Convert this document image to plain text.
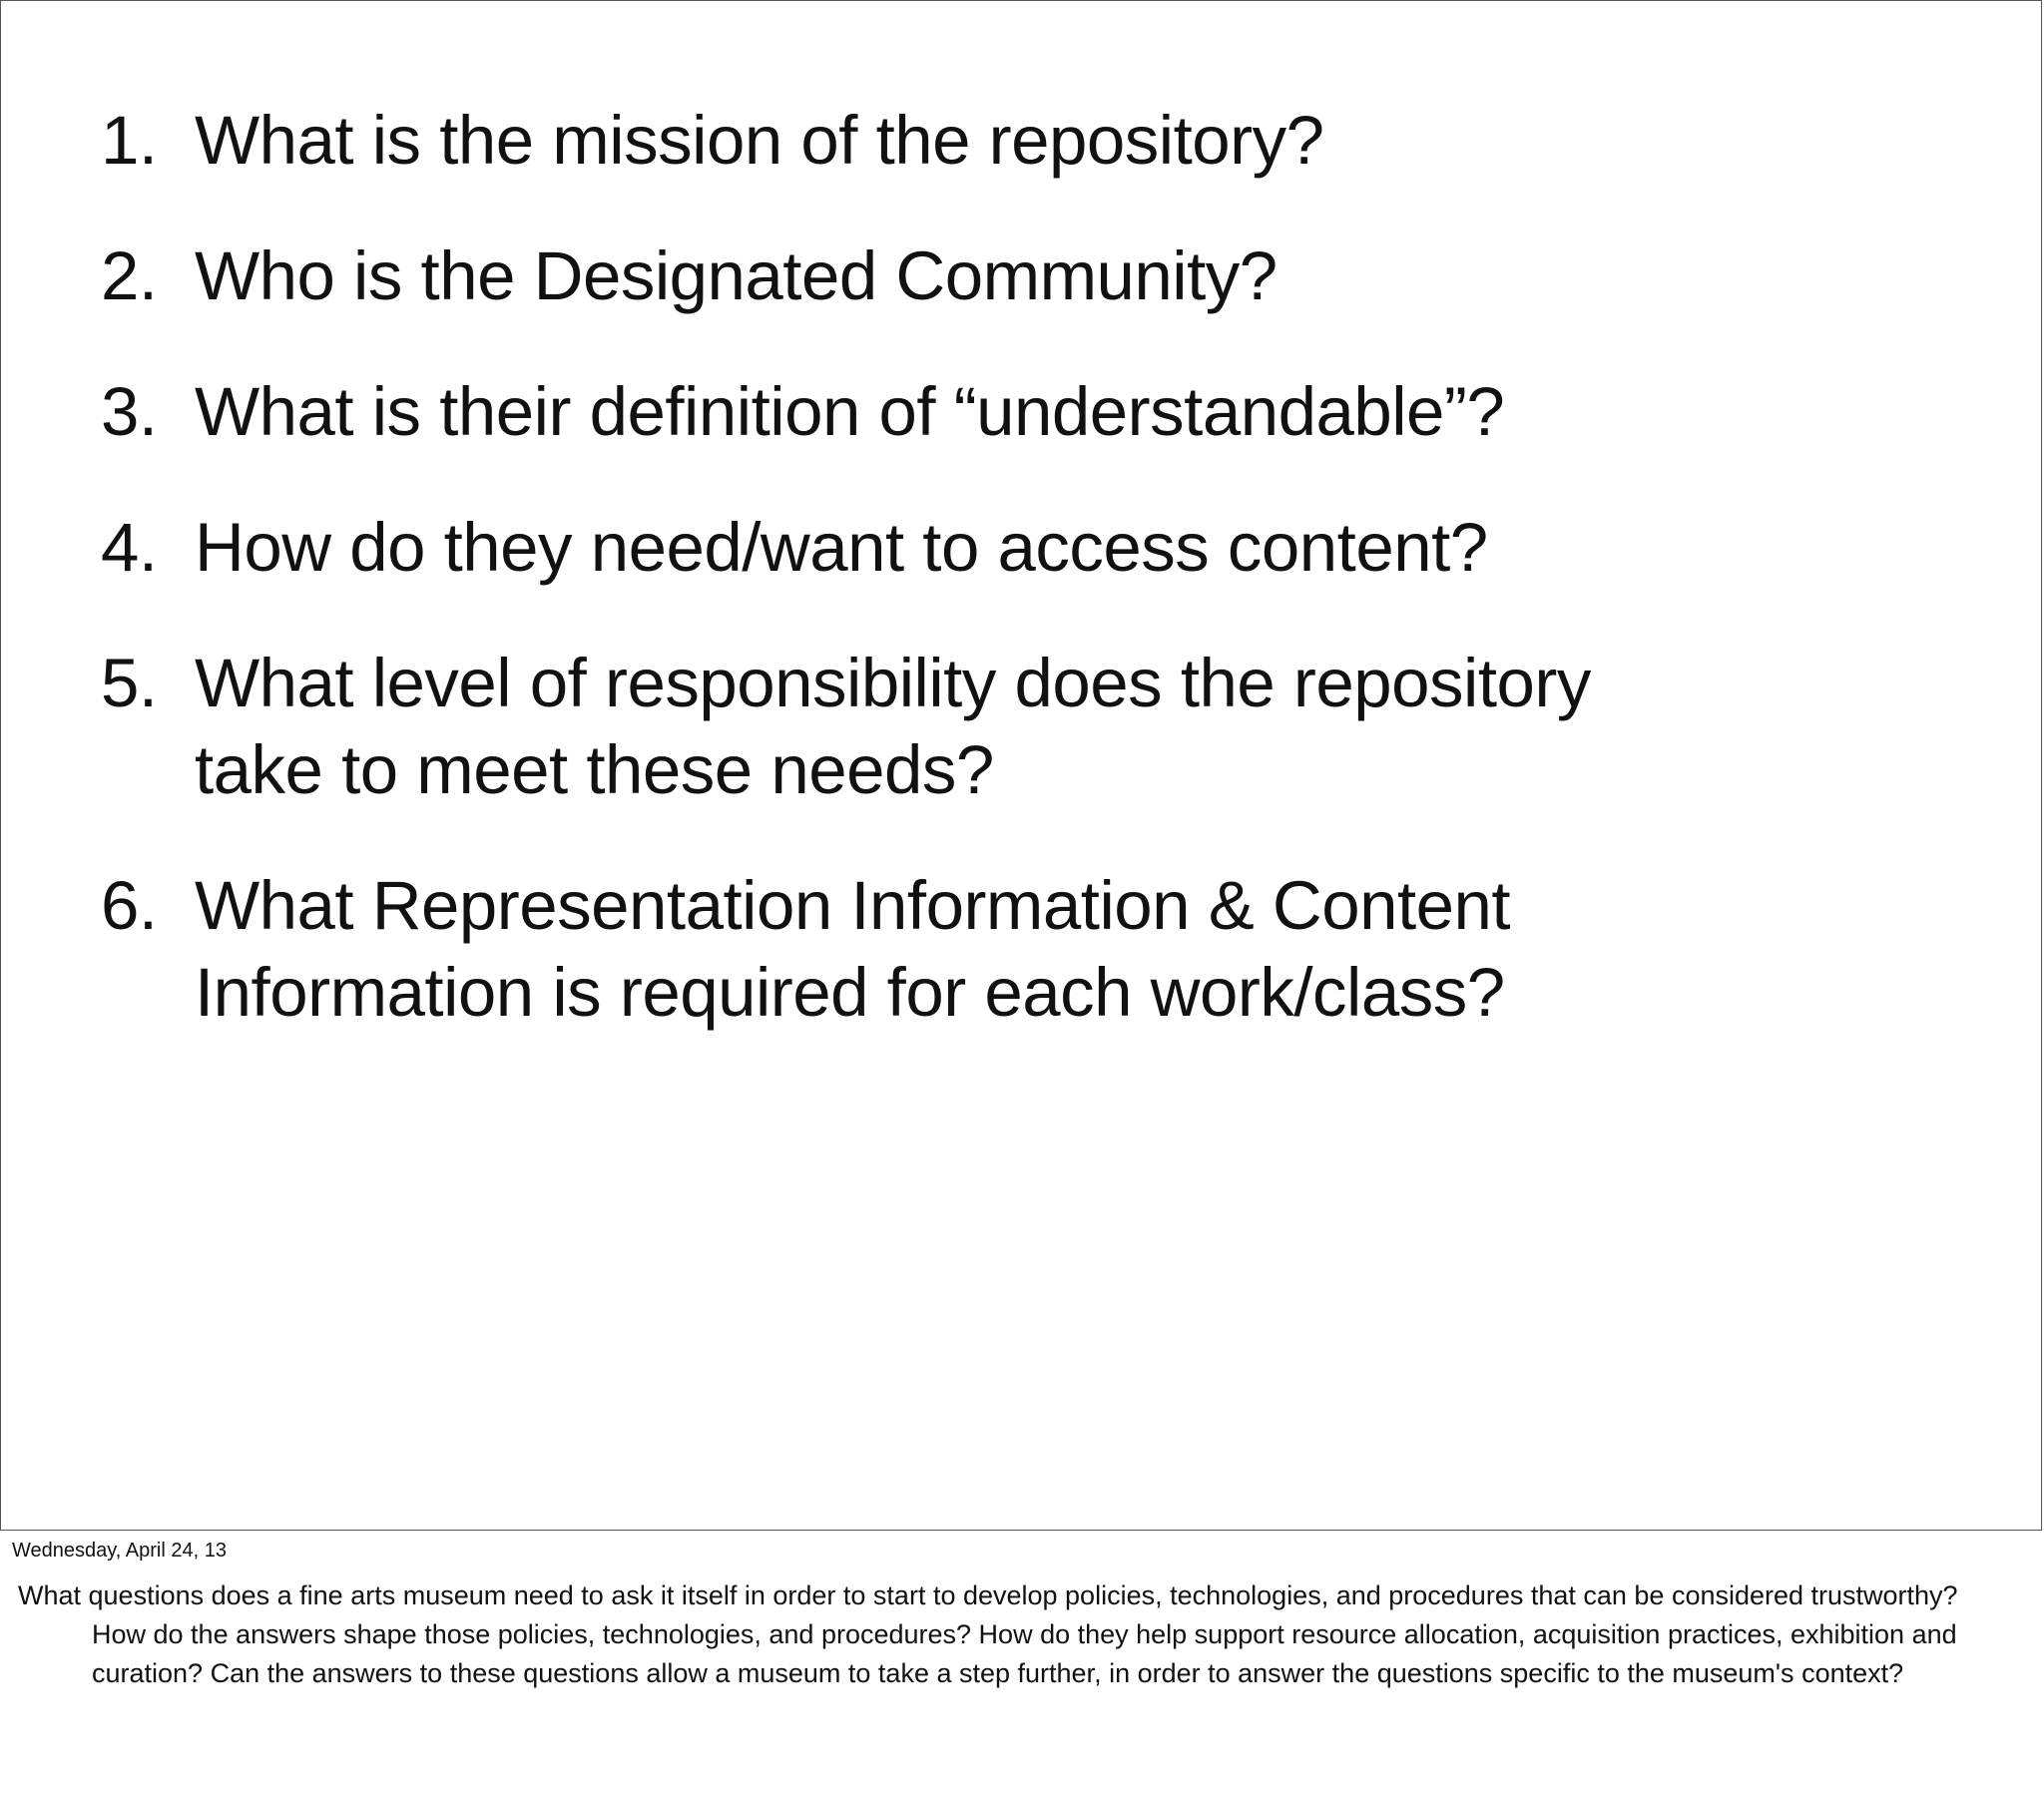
1. What is the mission of the repository?
2. Who is the Designated Community?
3. What is their definition of “understandable”?
4. How do they need/want to access content?
5. What level of responsibility does the repository
take to meet these needs?
6. What Representation Information & Content
Information is required for each work/class?
Wednesday, April 24, 13
What questions does a fine arts museum need to ask it itself in order to start to develop policies, technologies, and procedures that can be considered trustworthy? How do the answers shape those policies, technologies, and procedures? How do they help support resource allocation, acquisition practices, exhibition and curation? Can the answers to these questions allow a museum to take a step further, in order to answer the questions specific to the museum's context?
